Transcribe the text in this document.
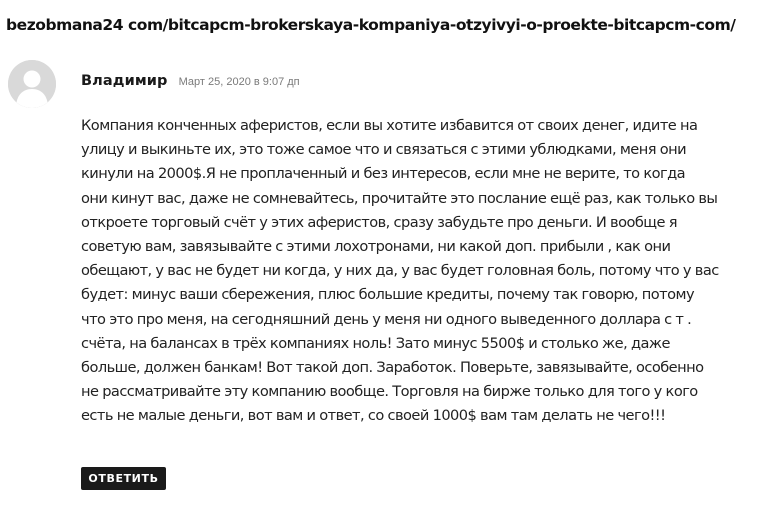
bezobmana24 com/bitcapcm-brokerskaya-kompaniya-otzyivyi-o-proekte-bitcapcm-com/
Владимир Март 25, 2020 в 9:07 дп
Компания конченных аферистов, если вы хотите избавится от своих денег, идите на
улицу и выкиньте их, это тоже самое что и связаться с этими ублюдками, меня они
кинули на 2000$.Я не проплаченный и без интересов, если мне не верите, то когда
они кинут вас, даже не сомневайтесь, прочитайте это послание ещё раз, как только вы
откроете торговый счёт у этих аферистов, сразу забудьте про деньги. И вообще я
советую вам, завязывайте с этими лохотронами, ни какой доп. прибыли , как они
обещают, у вас не будет ни когда, у них да, у вас будет головная боль, потому что у вас
будет: минус ваши сбережения, плюс большие кредиты, почему так говорю, потому
что это про меня, на сегодняшний день у меня ни одного выведенного доллара с т .
счёта, на балансах в трёх компаниях ноль! Зато минус 5500$ и столько же, даже
больше, должен банкам! Вот такой доп. Заработок. Поверьте, завязывайте, особенно
не рассматривайте эту компанию вообще. Торговля на бирже только для того у кого
есть не малые деньги, вот вам и ответ, со своей 1000$ вам там делать не чего!!!
ОТВЕТИТЬ
